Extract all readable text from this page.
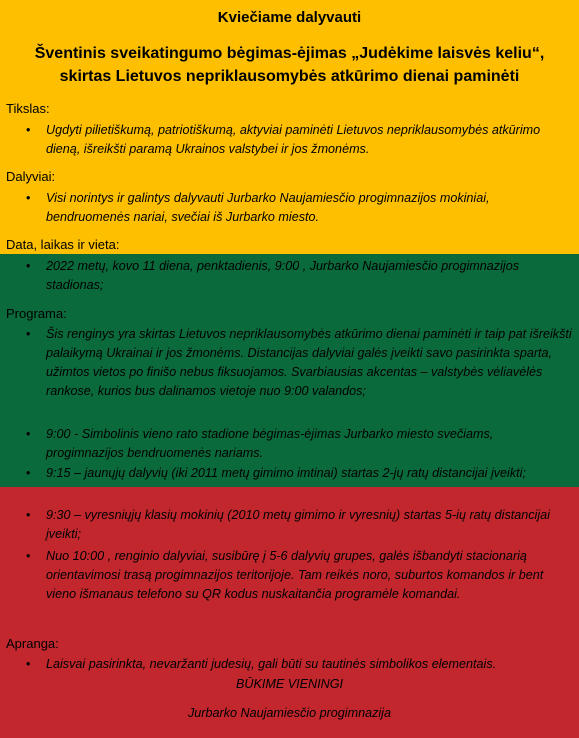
Kviečiame dalyvauti
Šventinis sveikatingumo bėgimas-ėjimas „Judėkime laisvės keliu“,
skirtas Lietuvos nepriklausomybės atkūrimo dienai paminėti
Tikslas:
•	Ugdyti pilietiškumą, patriotiškumą, aktyviai paminėti Lietuvos nepriklausomybės atkūrimo dieną, išreikšti paramą Ukrainos valstybei ir jos žmonėms.
Dalyviai:
•	Visi norintys ir galintys dalyvauti Jurbarko Naujamiesčio progimnazijos mokiniai, bendruomenės nariai, svečiai iš Jurbarko miesto.
Data, laikas ir vieta:
•	2022 metų, kovo 11 diena, penktadienis, 9:00 , Jurbarko Naujamiesčio progimnazijos stadionas;
Programa:
•	Šis renginys yra skirtas Lietuvos nepriklausomybės atkūrimo dienai paminėti ir taip pat išreikšti palaikymą Ukrainai ir jos žmonėms. Distancijas dalyviai galės įveikti savo pasirinkta sparta, užimtos vietos po finišo nebus fiksuojamos. Svarbiausias akcentas – valstybės vėliavėlės rankose, kurios bus dalinamos vietoje nuo 9:00 valandos;
•	9:00 - Simbolinis vieno rato stadione bėgimas-ėjimas Jurbarko miesto svečiams, progimnazijos bendruomenės nariams.
•	9:15 – jaunųjų dalyvių (iki 2011 metų gimimo imtinai) startas 2-jų ratų distancijai įveikti;
•	9:30 – vyresniųjų klasių mokinių (2010 metų gimimo ir vyresnių) startas 5-ių ratų distancijai įveikti;
•	Nuo 10:00 , renginio dalyviai, susibūrę į 5-6 dalyvių grupes, galės išbandyti stacionarią orientavimosi trasą progimnazijos teritorijoje. Tam reikės noro, suburtos komandos ir bent vieno išmanaus telefono su QR kodus nuskaitančia programėle komandai.
Apranga:
•	Laisvai pasirinkta, nevaržanti judesių, gali būti su tautinės simbolikos elementais.
BŪKIME VIENINGI
Jurbarko Naujamiesčio progimnazija
